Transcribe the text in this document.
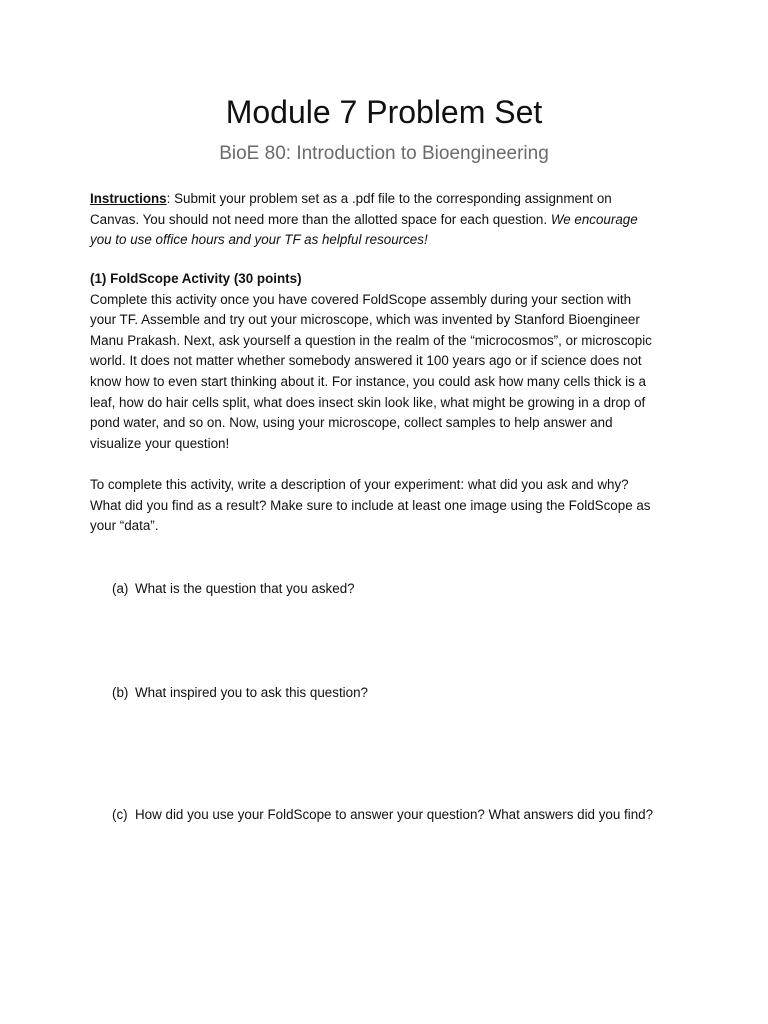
Module 7 Problem Set
BioE 80: Introduction to Bioengineering
Instructions: Submit your problem set as a .pdf file to the corresponding assignment on
Canvas. You should not need more than the allotted space for each question. We encourage
you to use office hours and your TF as helpful resources!
(1) FoldScope Activity (30 points)
Complete this activity once you have covered FoldScope assembly during your section with
your TF. Assemble and try out your microscope, which was invented by Stanford Bioengineer
Manu Prakash. Next, ask yourself a question in the realm of the “microcosmos”, or microscopic
world. It does not matter whether somebody answered it 100 years ago or if science does not
know how to even start thinking about it. For instance, you could ask how many cells thick is a
leaf, how do hair cells split, what does insect skin look like, what might be growing in a drop of
pond water, and so on. Now, using your microscope, collect samples to help answer and
visualize your question!
To complete this activity, write a description of your experiment: what did you ask and why?
What did you find as a result? Make sure to include at least one image using the FoldScope as
your “data”.
(a) What is the question that you asked?
(b) What inspired you to ask this question?
(c) How did you use your FoldScope to answer your question? What answers did you find?
